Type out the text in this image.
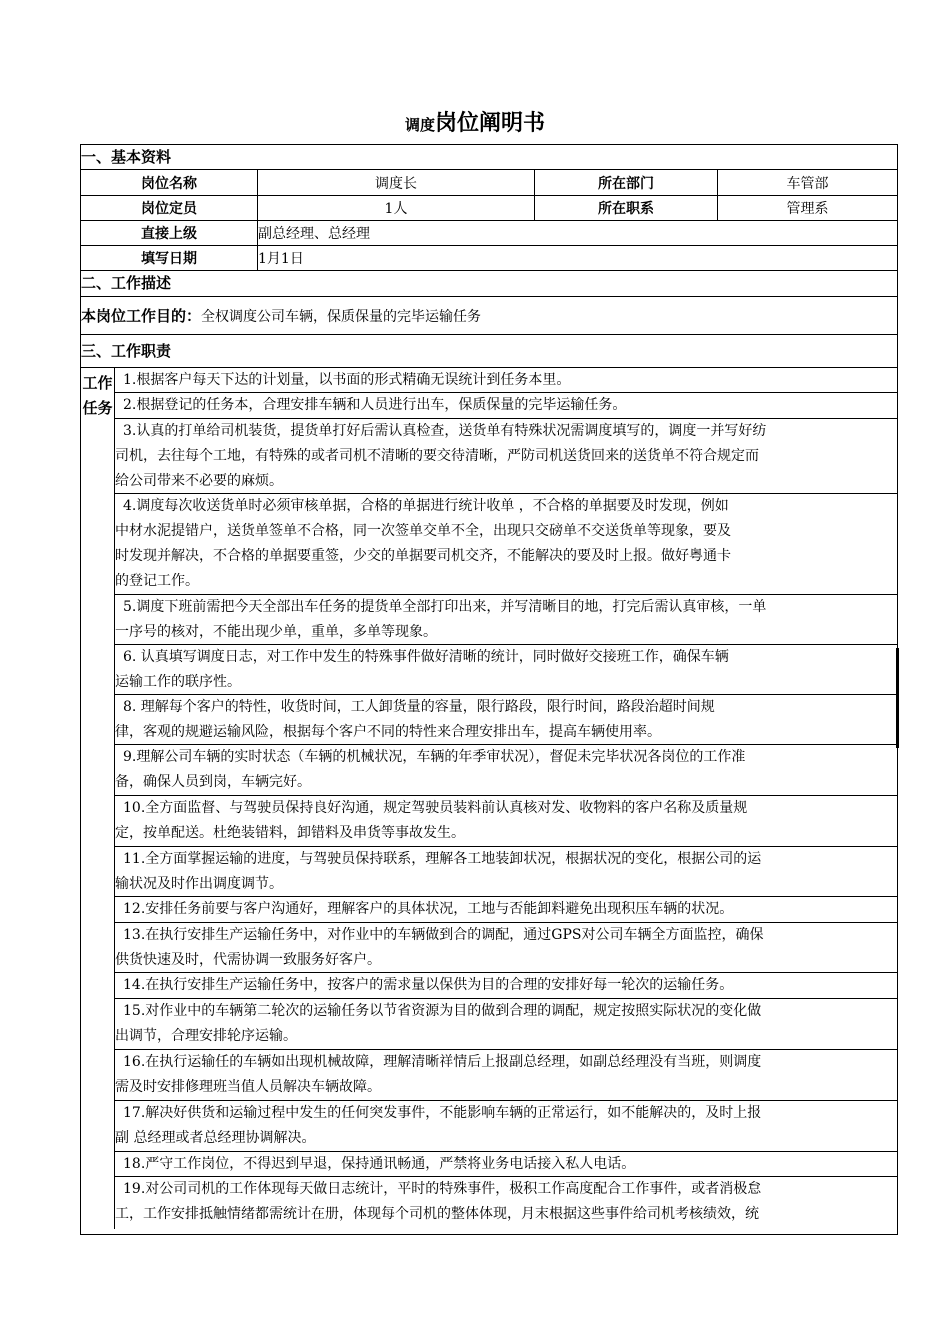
调度岗位阐明书
一、基本资料
岗位名称	调度长	所在部门	车管部
岗位定员	1人	所在职系	管理系
直接上级	副总经理、总经理
填写日期	1月1日
二、工作描述
本岗位工作目的：全权调度公司车辆，保质保量的完毕运输任务
三、工作职责
工作
任务
1.根据客户每天下达的计划量，以书面的形式精确无误统计到任务本里。
2.根据登记的任务本，合理安排车辆和人员进行出车，保质保量的完毕运输任务。
3.认真的打单给司机装货，提货单打好后需认真检查，送货单有特殊状况需调度填写的，调度一并写好纺
司机，去往每个工地，有特殊的或者司机不清晰的要交待清晰，严防司机送货回来的送货单不符合规定而
给公司带来不必要的麻烦。
4.调度每次收送货单时必须审核单据，合格的单据进行统计收单 ，不合格的单据要及时发现，例如
中材水泥提错户，送货单签单不合格，同一次签单交单不全，出现只交磅单不交送货单等现象，要及
时发现并解决，不合格的单据要重签，少交的单据要司机交齐，不能解决的要及时上报。做好粤通卡
的登记工作。
5.调度下班前需把今天全部出车任务的提货单全部打印出来，并写清晰目的地，打完后需认真审核，一单
一序号的核对，不能出现少单，重单，多单等现象。
6. 认真填写调度日志，对工作中发生的特殊事件做好清晰的统计，同时做好交接班工作，确保车辆
运输工作的联序性。
8. 理解每个客户的特性，收货时间，工人卸货量的容量，限行路段，限行时间，路段治超时间规
律，客观的规避运输风险，根据每个客户不同的特性来合理安排出车，提高车辆使用率。
9.理解公司车辆的实时状态（车辆的机械状况，车辆的年季审状况），督促未完毕状况各岗位的工作准
备，确保人员到岗，车辆完好。
10.全方面监督、与驾驶员保持良好沟通，规定驾驶员装料前认真核对发、收物料的客户名称及质量规
定，按单配送。杜绝装错料，卸错料及串货等事故发生。
11.全方面掌握运输的进度，与驾驶员保持联系，理解各工地装卸状况，根据状况的变化，根据公司的运
输状况及时作出调度调节。
12.安排任务前要与客户沟通好，理解客户的具体状况，工地与否能卸料避免出现积压车辆的状况。
13.在执行安排生产运输任务中，对作业中的车辆做到合的调配，通过GPS对公司车辆全方面监控，确保
供货快速及时，代需协调一致服务好客户。
14.在执行安排生产运输任务中，按客户的需求量以保供为目的合理的安排好每一轮次的运输任务。
15.对作业中的车辆第二轮次的运输任务以节省资源为目的做到合理的调配，规定按照实际状况的变化做
出调节，合理安排轮序运输。
16.在执行运输任的车辆如出现机械故障，理解清晰祥情后上报副总经理，如副总经理没有当班，则调度
需及时安排修理班当值人员解决车辆故障。
17.解决好供货和运输过程中发生的任何突发事件，不能影响车辆的正常运行，如不能解决的，及时上报
副 总经理或者总经理协调解决。
18.严守工作岗位，不得迟到早退，保持通讯畅通，严禁将业务电话接入私人电话。
19.对公司司机的工作体现每天做日志统计，平时的特殊事件，极积工作高度配合工作事件，或者消极怠
工，工作安排抵触情绪都需统计在册，体现每个司机的整体体现，月末根据这些事件给司机考核绩效，统
